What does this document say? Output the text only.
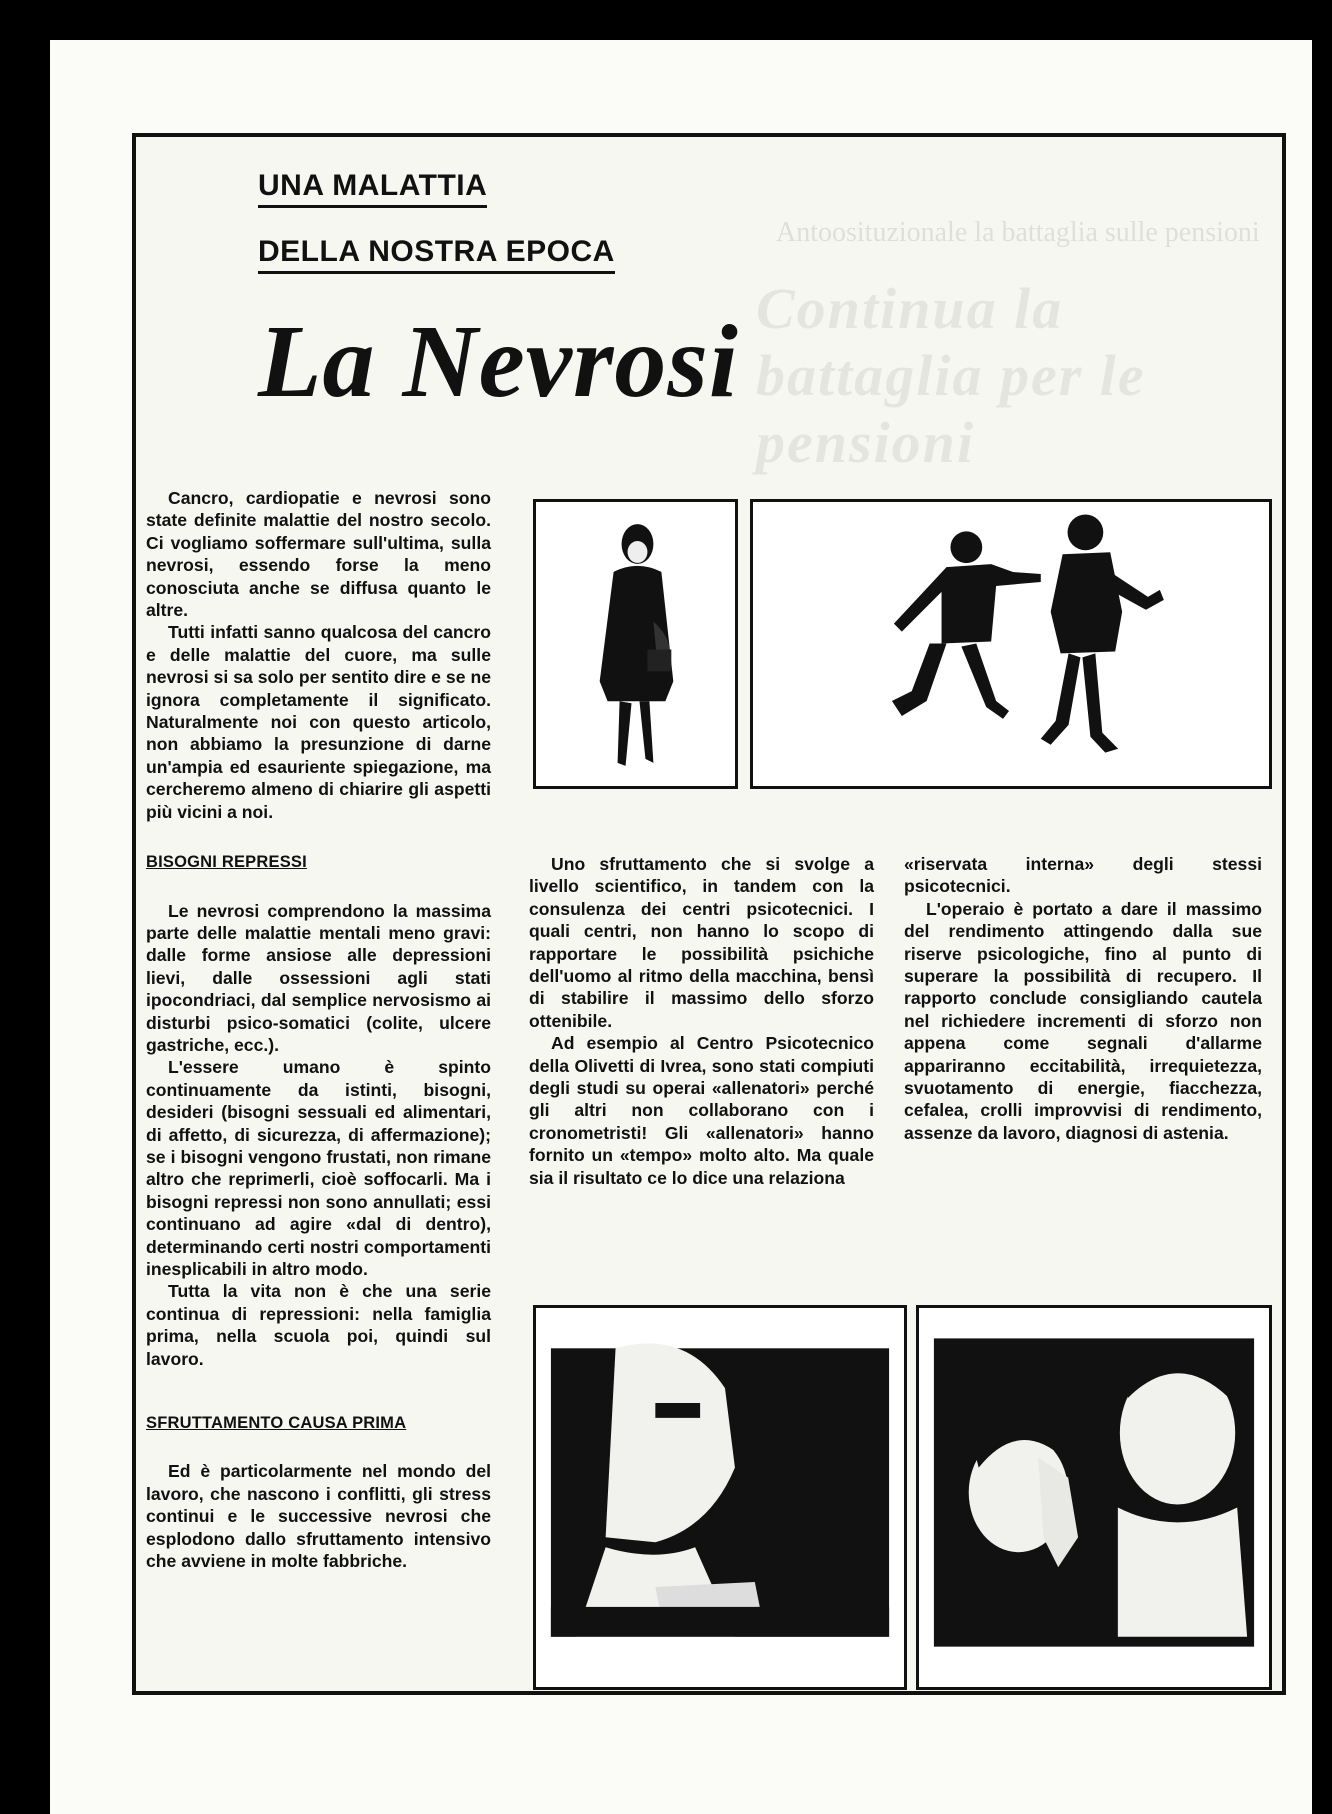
Antoosituzionale la battaglia sulle pensioni
Continua la battaglia per le pensioni
UNA MALATTIA
DELLA NOSTRA EPOCA
La Nevrosi

Cancro, cardiopatie e nevrosi sono state definite malattie del nostro secolo. Ci vogliamo soffermare sull'ultima, sulla nevrosi, essendo forse la meno conosciuta anche se diffusa quanto le altre.

Tutti infatti sanno qualcosa del cancro e delle malattie del cuore, ma sulle nevrosi si sa solo per sentito dire e se ne ignora completamente il significato. Naturalmente noi con questo articolo, non abbiamo la presunzione di darne un'ampia ed esauriente spiegazione, ma cercheremo almeno di chiarire gli aspetti più vicini a noi.

BISOGNI REPRESSI

Le nevrosi comprendono la massima parte delle malattie mentali meno gravi: dalle forme ansiose alle depressioni lievi, dalle ossessioni agli stati ipocondriaci, dal semplice nervosismo ai disturbi psico-somatici (colite, ulcere gastriche, ecc.).

L'essere umano è spinto continuamente da istinti, bisogni, desideri (bisogni sessuali ed alimentari, di affetto, di sicurezza, di affermazione); se i bisogni vengono frustati, non rimane altro che reprimerli, cioè soffocarli. Ma i bisogni repressi non sono annullati; essi continuano ad agire «dal di dentro), determinando certi nostri comportamenti inesplicabili in altro modo.

Tutta la vita non è che una serie continua di repressioni: nella famiglia prima, nella scuola poi, quindi sul lavoro.

SFRUTTAMENTO CAUSA PRIMA

Ed è particolarmente nel mondo del lavoro, che nascono i conflitti, gli stress continui e le successive nevrosi che esplodono dallo sfruttamento intensivo che avviene in molte fabbriche.

Uno sfruttamento che si svolge a livello scientifico, in tandem con la consulenza dei centri psicotecnici. I quali centri, non hanno lo scopo di rapportare le possibilità psichiche dell'uomo al ritmo della macchina, bensì di stabilire il massimo dello sforzo ottenibile.

Ad esempio al Centro Psicotecnico della Olivetti di Ivrea, sono stati compiuti degli studi su operai «allenatori» perché gli altri non collaborano con i cronometristi! Gli «allenatori» hanno fornito un «tempo» molto alto. Ma quale sia il risultato ce lo dice una relaziona

«riservata interna» degli stessi psicotecnici.

L'operaio è portato a dare il massimo del rendimento attingendo dalla sue riserve psicologiche, fino al punto di superare la possibilità di recupero. Il rapporto conclude consigliando cautela nel richiedere incrementi di sforzo non appena come segnali d'allarme appariranno eccitabilità, irrequietezza, svuotamento di energie, fiacchezza, cefalea, crolli improvvisi di rendimento, assenze da lavoro, diagnosi di astenia.
